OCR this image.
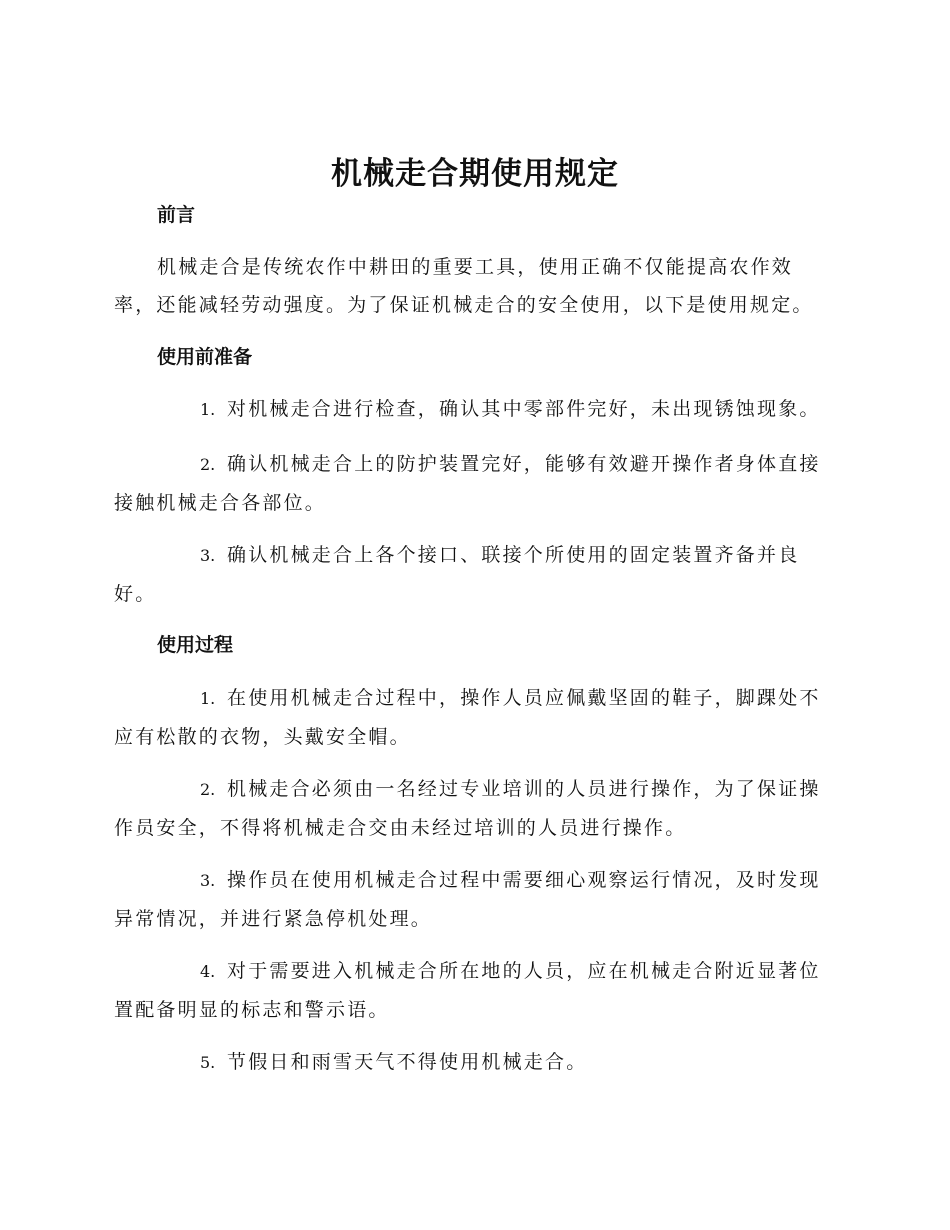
机械走合期使用规定
前言
机械走合是传统农作中耕田的重要工具，使用正确不仅能提高农作效率，还能减轻劳动强度。为了保证机械走合的安全使用，以下是使用规定。
使用前准备
1. 对机械走合进行检查，确认其中零部件完好，未出现锈蚀现象。
2. 确认机械走合上的防护装置完好，能够有效避开操作者身体直接接触机械走合各部位。
3. 确认机械走合上各个接口、联接个所使用的固定装置齐备并良好。
使用过程
1. 在使用机械走合过程中，操作人员应佩戴坚固的鞋子，脚踝处不应有松散的衣物，头戴安全帽。
2. 机械走合必须由一名经过专业培训的人员进行操作，为了保证操作员安全，不得将机械走合交由未经过培训的人员进行操作。
3. 操作员在使用机械走合过程中需要细心观察运行情况，及时发现异常情况，并进行紧急停机处理。
4. 对于需要进入机械走合所在地的人员，应在机械走合附近显著位置配备明显的标志和警示语。
5. 节假日和雨雪天气不得使用机械走合。
